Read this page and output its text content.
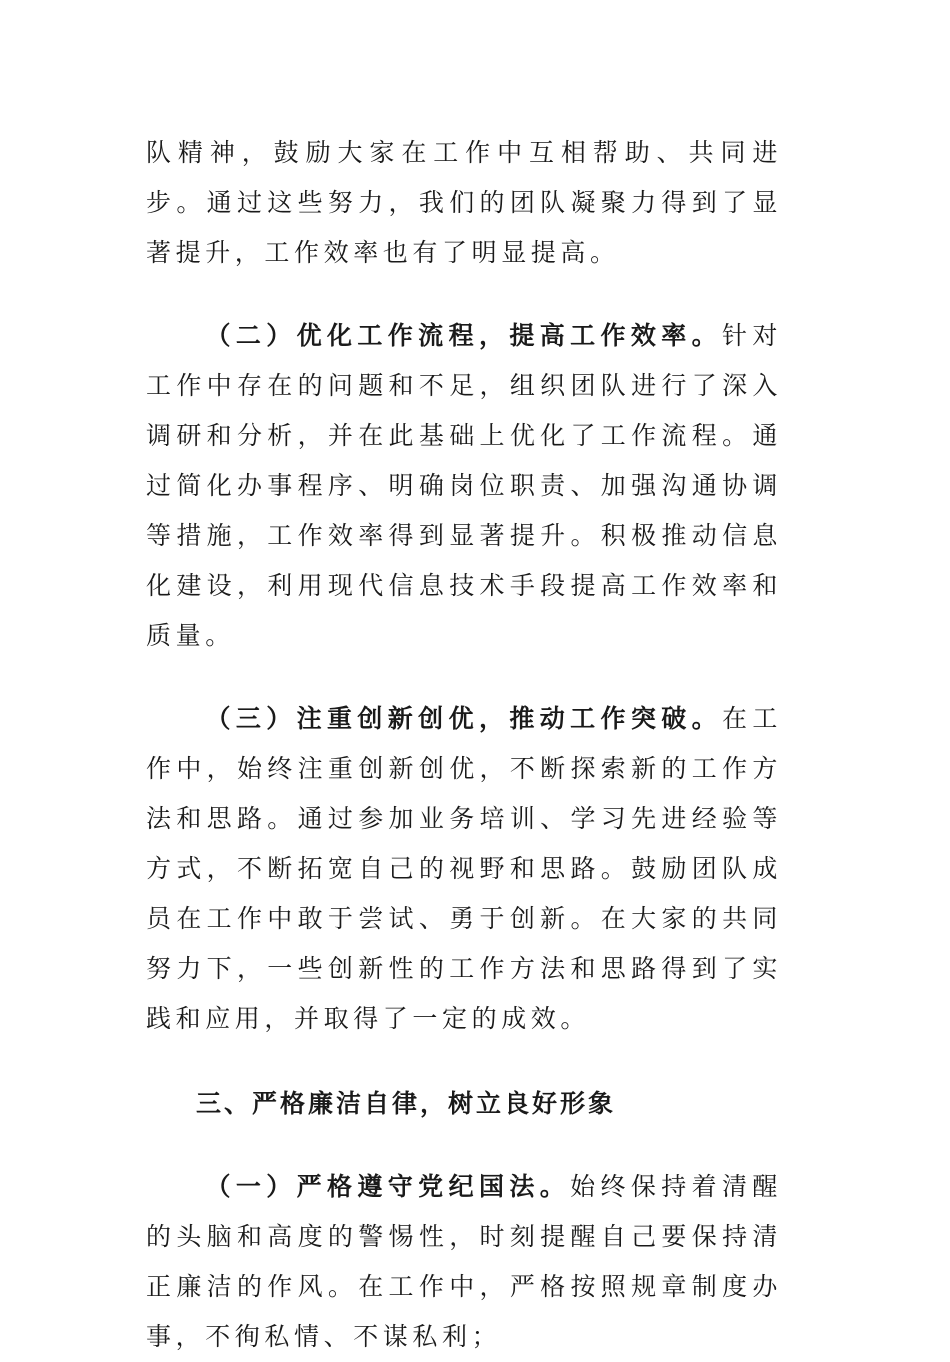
队精神，鼓励大家在工作中互相帮助、共同进步。通过这些努力，我们的团队凝聚力得到了显著提升，工作效率也有了明显提高。

（二）优化工作流程，提高工作效率。针对工作中存在的问题和不足，组织团队进行了深入调研和分析，并在此基础上优化了工作流程。通过简化办事程序、明确岗位职责、加强沟通协调等措施，工作效率得到显著提升。积极推动信息化建设，利用现代信息技术手段提高工作效率和质量。

（三）注重创新创优，推动工作突破。在工作中，始终注重创新创优，不断探索新的工作方法和思路。通过参加业务培训、学习先进经验等方式，不断拓宽自己的视野和思路。鼓励团队成员在工作中敢于尝试、勇于创新。在大家的共同努力下，一些创新性的工作方法和思路得到了实践和应用，并取得了一定的成效。

三、严格廉洁自律，树立良好形象

（一）严格遵守党纪国法。始终保持着清醒的头脑和高度的警惕性，时刻提醒自己要保持清正廉洁的作风。在工作中，严格按照规章制度办事，不徇私情、不谋私利；
